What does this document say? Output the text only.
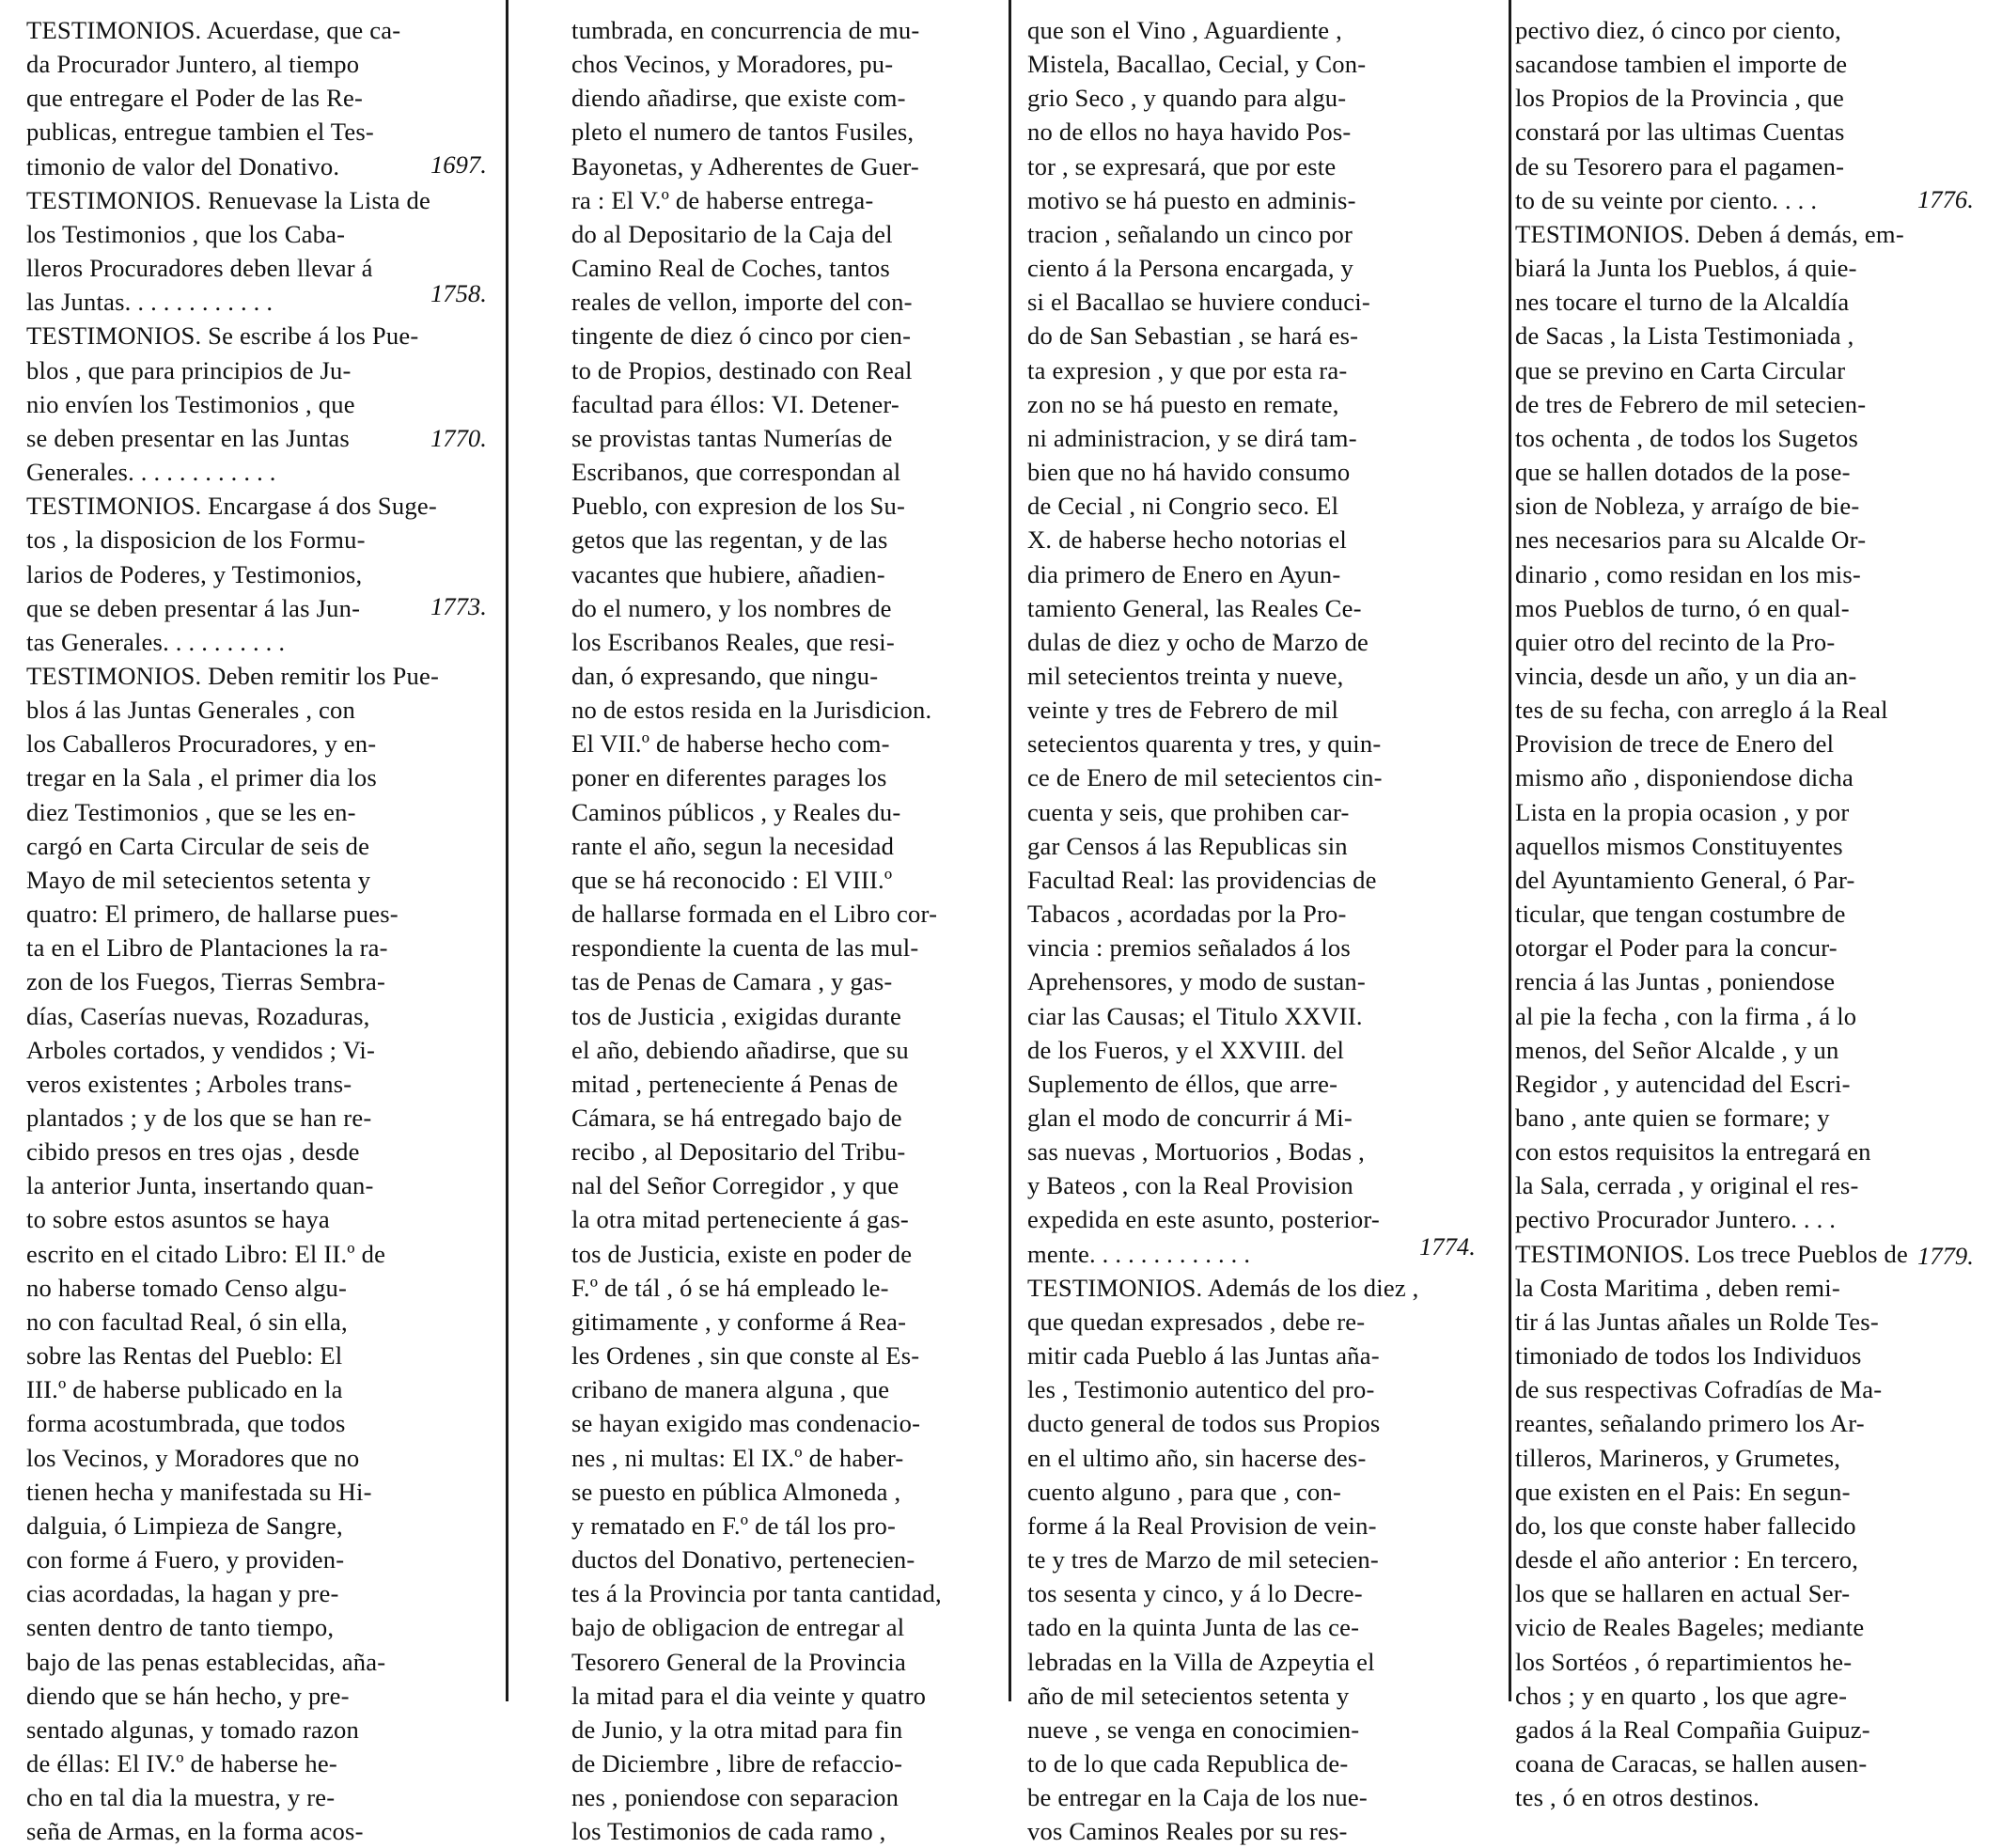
TESTIMONIOS. Acuerdase, que ca-
da Procurador Juntero, al tiempo
que entregare el Poder de las Re-
publicas, entregue tambien el Tes-
timonio de valor del Donativo.
TESTIMONIOS. Renuevase la Lista de
los Testimonios , que los Caba-
lleros Procuradores deben llevar á
las Juntas. . . . . . . . . . . .
TESTIMONIOS. Se escribe á los Pue-
blos , que para principios de Ju-
nio envíen los Testimonios , que
se deben presentar en las Juntas
Generales. . . . . . . . . . . .
TESTIMONIOS. Encargase á dos Suge-
tos , la disposicion de los Formu-
larios de Poderes, y Testimonios,
que se deben presentar á las Jun-
tas Generales. . . . . . . . . .
TESTIMONIOS. Deben remitir los Pue-
blos á las Juntas Generales , con
los Caballeros Procuradores, y en-
tregar en la Sala , el primer dia los
diez Testimonios , que se les en-
cargó en Carta Circular de seis de
Mayo de mil setecientos setenta y
quatro: El primero, de hallarse pues-
ta en el Libro de Plantaciones la ra-
zon de los Fuegos, Tierras Sembra-
días, Caserías nuevas, Rozaduras,
Arboles cortados, y vendidos ; Vi-
veros existentes ; Arboles trans-
plantados ; y de los que se han re-
cibido presos en tres ojas , desde
la anterior Junta, insertando quan-
to sobre estos asuntos se haya
escrito en el citado Libro: El II.º de
no haberse tomado Censo algu-
no con facultad Real, ó sin ella,
sobre las Rentas del Pueblo: El
III.º de haberse publicado en la
forma acostumbrada, que todos
los Vecinos, y Moradores que no
tienen hecha y manifestada su Hi-
dalguia, ó Limpieza de Sangre,
con forme á Fuero, y providen-
cias acordadas, la hagan y pre-
senten dentro de tanto tiempo,
bajo de las penas establecidas, aña-
diendo que se hán hecho, y pre-
sentado algunas, y tomado razon
de éllas: El IV.º de haberse he-
cho en tal dia la muestra, y re-
seña de Armas, en la forma acos-
tumbrada, en concurrencia de mu-
chos Vecinos, y Moradores, pu-
diendo añadirse, que existe com-
pleto el numero de tantos Fusiles,
Bayonetas, y Adherentes de Guer-
ra : El V.º de haberse entrega-
do al Depositario de la Caja del
Camino Real de Coches, tantos
reales de vellon, importe del con-
tingente de diez ó cinco por cien-
to de Propios, destinado con Real
facultad para éllos: VI. Detener-
se provistas tantas Numerías de
Escribanos, que correspondan al
Pueblo, con expresion de los Su-
getos que las regentan, y de las
vacantes que hubiere, añadien-
do el numero, y los nombres de
los Escribanos Reales, que resi-
dan, ó expresando, que ningu-
no de estos resida en la Jurisdicion.
El VII.º de haberse hecho com-
poner en diferentes parages los
Caminos públicos , y Reales du-
rante el año, segun la necesidad
que se há reconocido : El VIII.º
de hallarse formada en el Libro cor-
respondiente la cuenta de las mul-
tas de Penas de Camara , y gas-
tos de Justicia , exigidas durante
el año, debiendo añadirse, que su
mitad , perteneciente á Penas de
Cámara, se há entregado bajo de
recibo , al Depositario del Tribu-
nal del Señor Corregidor , y que
la otra mitad perteneciente á gas-
tos de Justicia, existe en poder de
F.º de tál , ó se há empleado le-
gitimamente , y conforme á Rea-
les Ordenes , sin que conste al Es-
cribano de manera alguna , que
se hayan exigido mas condenacio-
nes , ni multas: El IX.º de haber-
se puesto en pública Almoneda ,
y rematado en F.º de tál los pro-
ductos del Donativo, pertenecien-
tes á la Provincia por tanta cantidad,
bajo de obligacion de entregar al
Tesorero General de la Provincia
la mitad para el dia veinte y quatro
de Junio, y la otra mitad para fin
de Diciembre , libre de refaccio-
nes , poniendose con separacion
los Testimonios de cada ramo ,
que son el Vino , Aguardiente ,
Mistela, Bacallao, Cecial, y Con-
grio Seco , y quando para algu-
no de ellos no haya havido Pos-
tor , se expresará, que por este
motivo se há puesto en adminis-
tracion , señalando un cinco por
ciento á la Persona encargada, y
si el Bacallao se huviere conduci-
do de San Sebastian , se hará es-
ta expresion , y que por esta ra-
zon no se há puesto en remate,
ni administracion, y se dirá tam-
bien que no há havido consumo
de Cecial , ni Congrio seco. El
X. de haberse hecho notorias el
dia primero de Enero en Ayun-
tamiento General, las Reales Ce-
dulas de diez y ocho de Marzo de
mil setecientos treinta y nueve,
veinte y tres de Febrero de mil
setecientos quarenta y tres, y quin-
ce de Enero de mil setecientos cin-
cuenta y seis, que prohiben car-
gar Censos á las Republicas sin
Facultad Real: las providencias de
Tabacos , acordadas por la Pro-
vincia : premios señalados á los
Aprehensores, y modo de sustan-
ciar las Causas; el Titulo XXVII.
de los Fueros, y el XXVIII. del
Suplemento de éllos, que arre-
glan el modo de concurrir á Mi-
sas nuevas , Mortuorios , Bodas ,
y Bateos , con la Real Provision
expedida en este asunto, posterior-
mente. . . . . . . . . . . . .
TESTIMONIOS. Además de los diez ,
que quedan expresados , debe re-
mitir cada Pueblo á las Juntas aña-
les , Testimonio autentico del pro-
ducto general de todos sus Propios
en el ultimo año, sin hacerse des-
cuento alguno , para que , con-
forme á la Real Provision de vein-
te y tres de Marzo de mil setecien-
tos sesenta y cinco, y á lo Decre-
tado en la quinta Junta de las ce-
lebradas en la Villa de Azpeytia el
año de mil setecientos setenta y
nueve , se venga en conocimien-
to de lo que cada Republica de-
be entregar en la Caja de los nue-
vos Caminos Reales por su res-
pectivo diez, ó cinco por ciento,
sacandose tambien el importe de
los Propios de la Provincia , que
constará por las ultimas Cuentas
de su Tesorero para el pagamen-
to de su veinte por ciento. . . .
TESTIMONIOS. Deben á demás, em-
biará la Junta los Pueblos, á quie-
nes tocare el turno de la Alcaldía
de Sacas , la Lista Testimoniada ,
que se previno en Carta Circular
de tres de Febrero de mil setecien-
tos ochenta , de todos los Sugetos
que se hallen dotados de la pose-
sion de Nobleza, y arraígo de bie-
nes necesarios para su Alcalde Or-
dinario , como residan en los mis-
mos Pueblos de turno, ó en qual-
quier otro del recinto de la Pro-
vincia, desde un año, y un dia an-
tes de su fecha, con arreglo á la Real
Provision de trece de Enero del
mismo año , disponiendose dicha
Lista en la propia ocasion , y por
aquellos mismos Constituyentes
del Ayuntamiento General, ó Par-
ticular, que tengan costumbre de
otorgar el Poder para la concur-
rencia á las Juntas , poniendose
al pie la fecha , con la firma , á lo
menos, del Señor Alcalde , y un
Regidor , y autencidad del Escri-
bano , ante quien se formare; y
con estos requisitos la entregará en
la Sala, cerrada , y original el res-
pectivo Procurador Juntero. . . .
TESTIMONIOS. Los trece Pueblos de
la Costa Maritima , deben remi-
tir á las Juntas añales un Rolde Tes-
timoniado de todos los Individuos
de sus respectivas Cofradías de Ma-
reantes, señalando primero los Ar-
tilleros, Marineros, y Grumetes,
que existen en el Pais: En segun-
do, los que conste haber fallecido
desde el año anterior : En tercero,
los que se hallaren en actual Ser-
vicio de Reales Bageles; mediante
los Sortéos , ó repartimientos he-
chos ; y en quarto , los que agre-
gados á la Real Compañia Guipuz-
coana de Caracas, se hallen ausen-
tes , ó en otros destinos.
1697.
1758.
1770.
1773.
1774.
1776.
1779.
